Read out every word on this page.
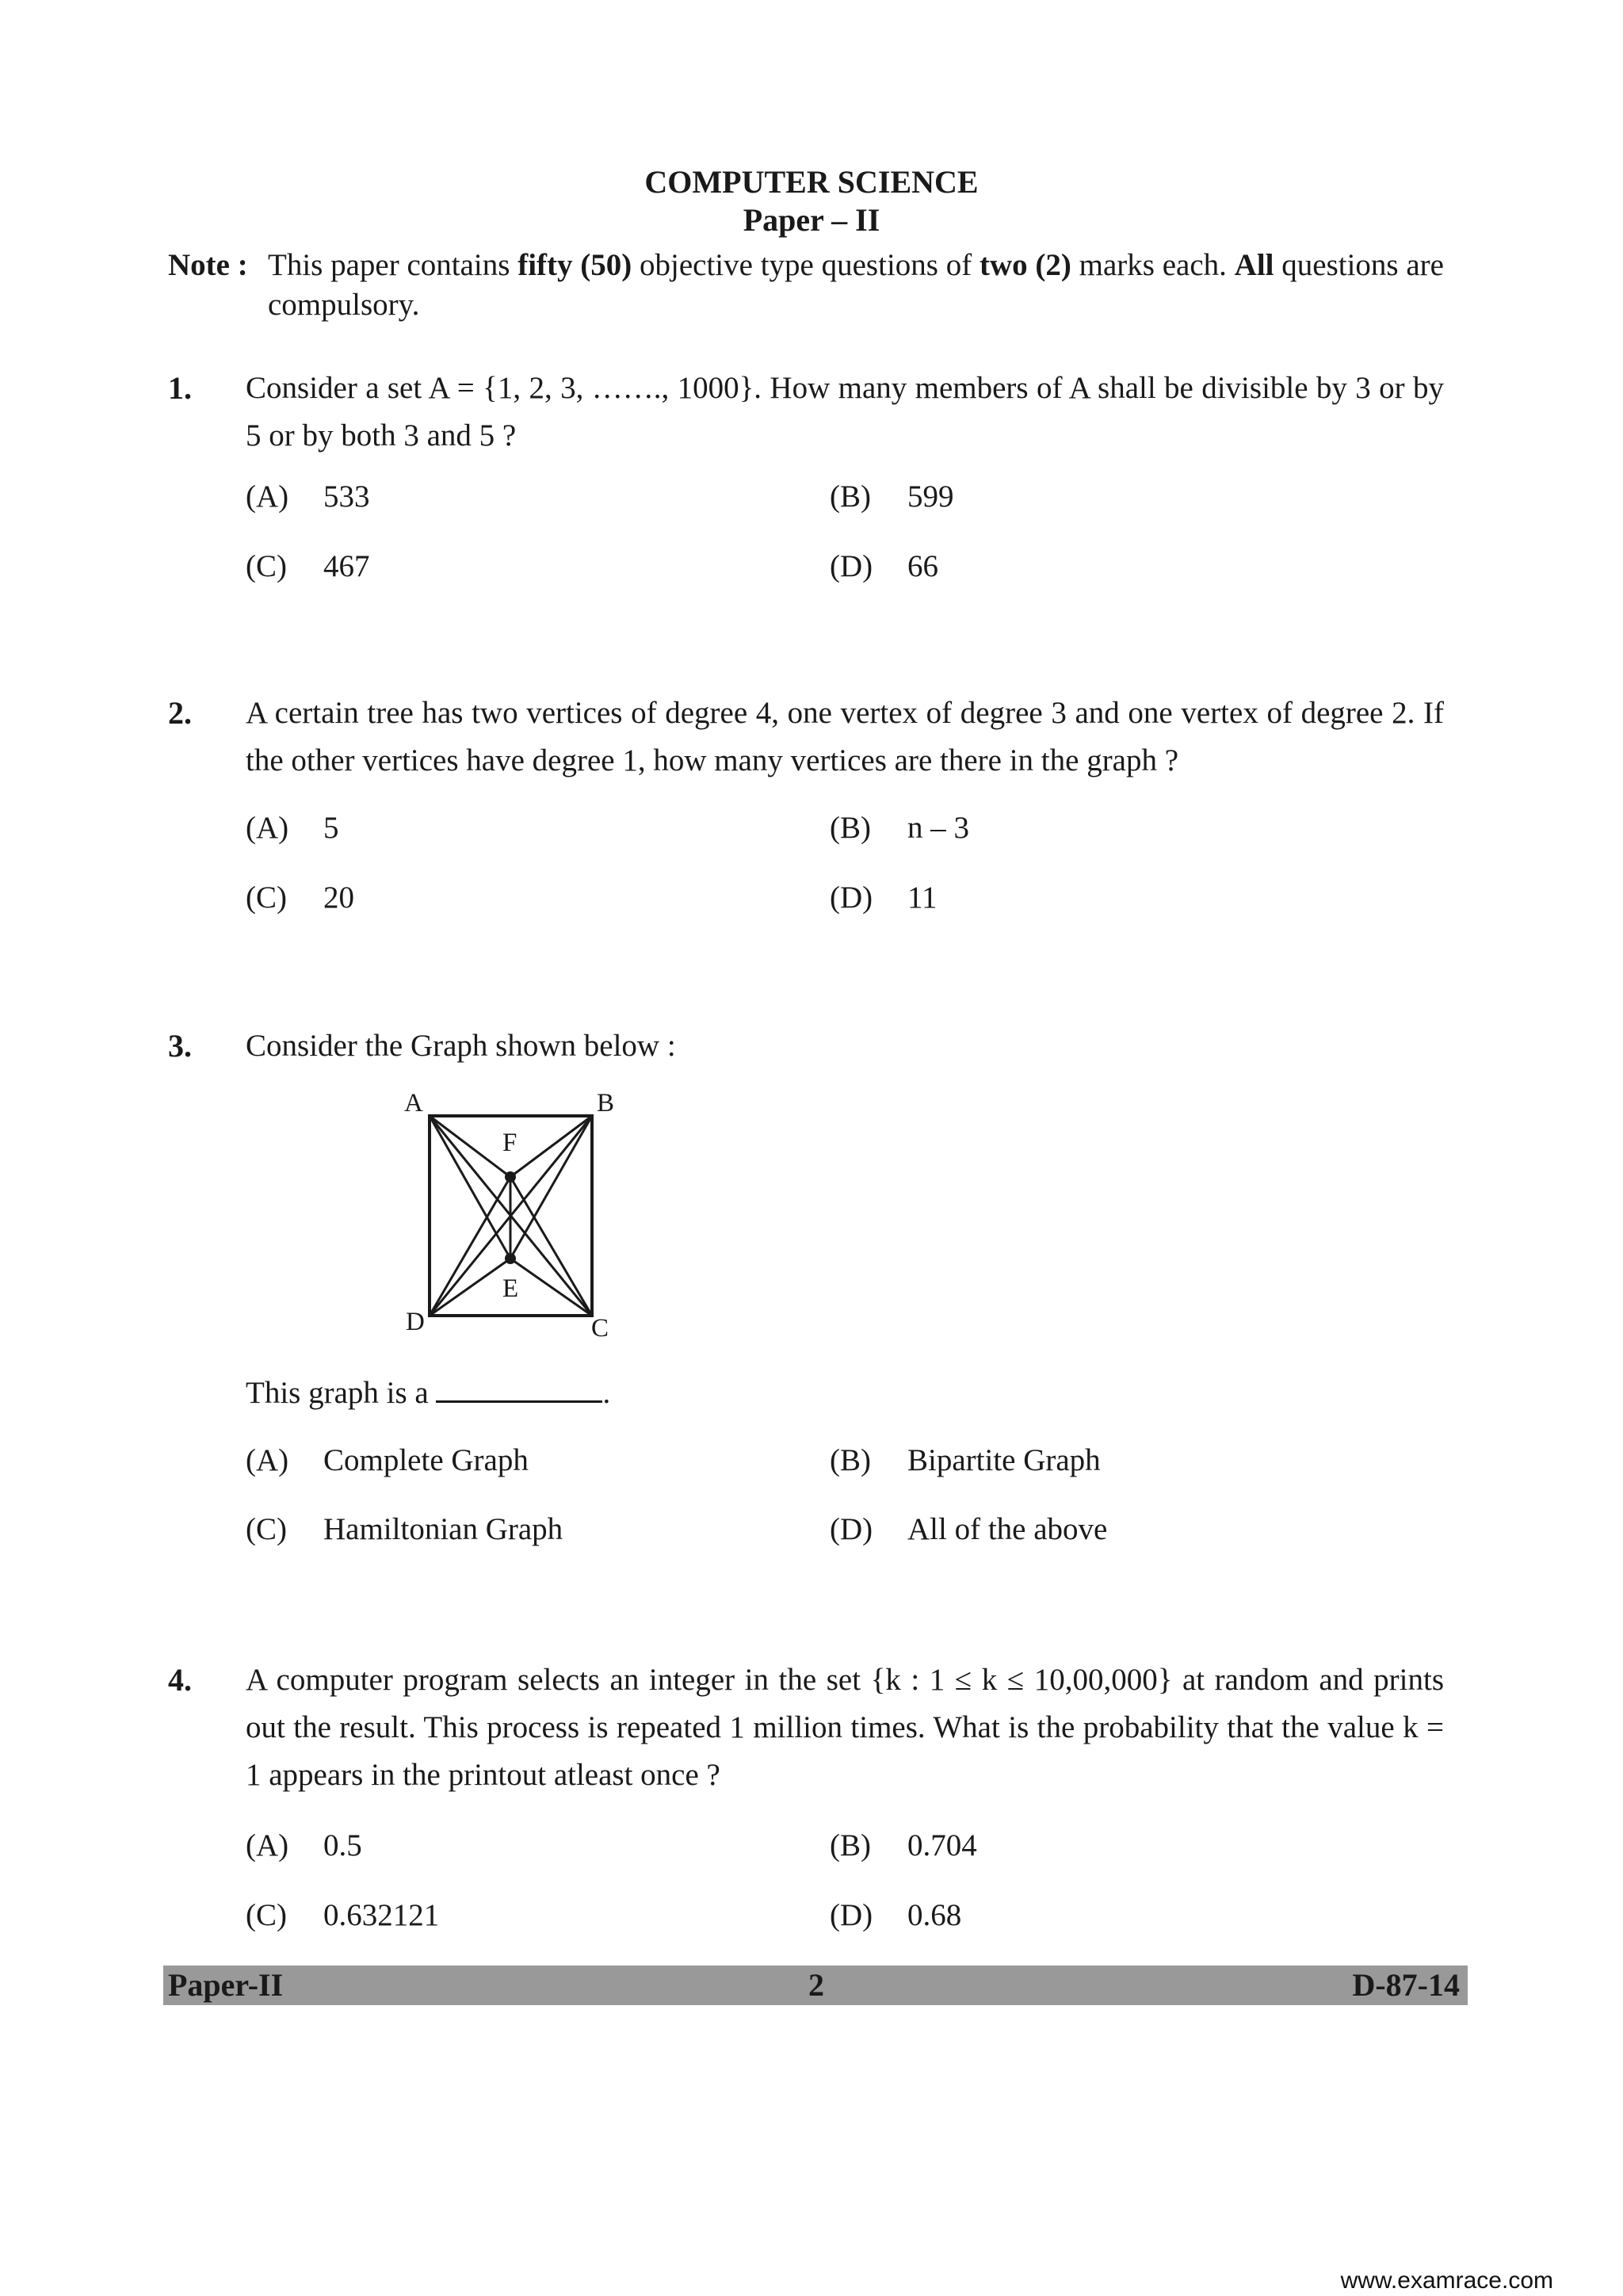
COMPUTER SCIENCE
Paper – II
Note : This paper contains fifty (50) objective type questions of two (2) marks each. All questions are compulsory.
1. Consider a set A = {1, 2, 3, ……., 1000}. How many members of A shall be divisible by 3 or by 5 or by both 3 and 5 ?
(A) 533	(B) 599
(C) 467	(D) 66
2. A certain tree has two vertices of degree 4, one vertex of degree 3 and one vertex of degree 2. If the other vertices have degree 1, how many vertices are there in the graph ?
(A) 5	(B) n – 3
(C) 20	(D) 11
3. Consider the Graph shown below :
A	B
F
E
D	C
This graph is a	.
(A) Complete Graph	(B) Bipartite Graph
(C) Hamiltonian Graph	(D) All of the above
4. A computer program selects an integer in the set {k : 1 ≤ k ≤ 10,00,000} at random and prints out the result. This process is repeated 1 million times. What is the probability that the value k = 1 appears in the printout atleast once ?
(A) 0.5	(B) 0.704
(C) 0.632121	(D) 0.68
Paper-II	2	D-87-14
www.examrace.com
